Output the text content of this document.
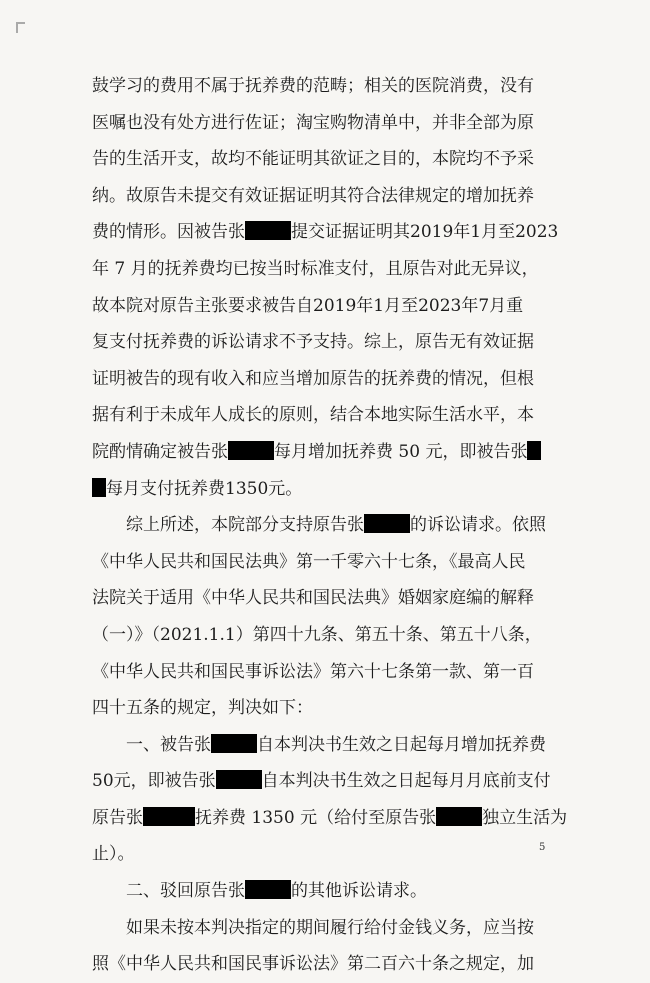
鼓学习的费用不属于抚养费的范畴；相关的医院消费，没有
医嘱也没有处方进行佐证；淘宝购物清单中，并非全部为原
告的生活开支，故均不能证明其欲证之目的，本院均不予采
纳。故原告未提交有效证据证明其符合法律规定的增加抚养
费的情形。因被告张	提交证据证明其2019年1月至2023
年 7 月的抚养费均已按当时标准支付，且原告对此无异议，
故本院对原告主张要求被告自2019年1月至2023年7月重
复支付抚养费的诉讼请求不予支持。综上，原告无有效证据
证明被告的现有收入和应当增加原告的抚养费的情况，但根
据有利于未成年人成长的原则，结合本地实际生活水平，本
院酌情确定被告张	每月增加抚养费 50 元，即被告张
每月支付抚养费1350元。
综上所述，本院部分支持原告张	的诉讼请求。依照
《中华人民共和国民法典》第一千零六十七条，《最高人民
法院关于适用《中华人民共和国民法典》婚姻家庭编的解释
（一）》（2021.1.1）第四十九条、第五十条、第五十八条，
《中华人民共和国民事诉讼法》第六十七条第一款、第一百
四十五条的规定，判决如下：
一、被告张	自本判决书生效之日起每月增加抚养费
50元，即被告张	自本判决书生效之日起每月月底前支付
原告张	抚养费 1350 元（给付至原告张	独立生活为
止）。
二、驳回原告张	的其他诉讼请求。
如果未按本判决指定的期间履行给付金钱义务，应当按
照《中华人民共和国民事诉讼法》第二百六十条之规定，加
5
